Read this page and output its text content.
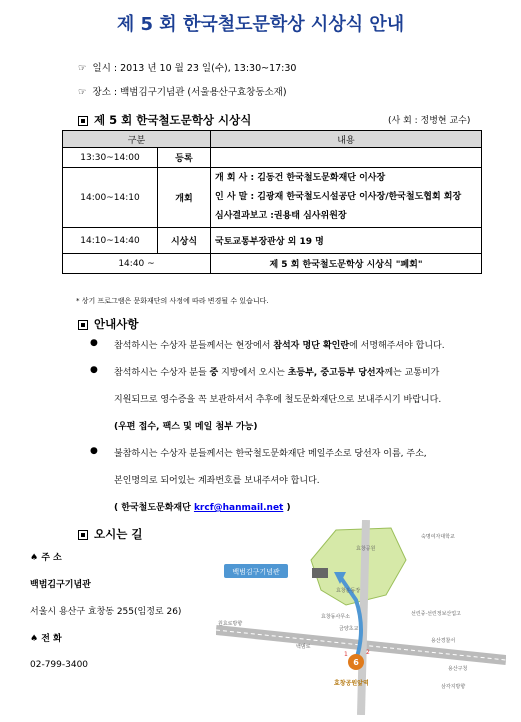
제 5 회 한국철도문학상 시상식 안내
☞ 일시 : 2013 년 10 월 23 일(수), 13:30~17:30
☞ 장소 : 백범김구기념관 (서울용산구효창동소재)
제 5 회 한국철도문학상 시상식	(사 회 : 정병현 교수)
구분		내용
13:30~14:00	등록	
14:00~14:10	개회	개 회 사 : 김동건 한국철도문화재단 이사장
인 사 말 : 김광재 한국철도시설공단 이사장/한국철도협회 회장
심사결과보고 :권용태 심사위원장

14:10~14:40	시상식	국토교통부장관상 외 19 명
14:40 ~		제 5 회 한국철도문학상 시상식 "폐회"
* 상기 프로그램은 문화재단의 사정에 따라 변경될 수 있습니다.
안내사항
● 참석하시는 수상자 분들께서는 현장에서 참석자 명단 확인란에 서명해주셔야 합니다.
● 참석하시는 수상자 분들 중 지방에서 오시는 초등부, 중고등부 당선자께는 교통비가
지원되므로 영수증을 꼭 보관하셔서 추후에 철도문화재단으로 보내주시기 바랍니다.
(우편 접수, 팩스 및 메일 첨부 가능)
● 불참하시는 수상자 분들께서는 한국철도문화재단 메일주소로 당선자 이름, 주소,
본인명의로 되어있는 계좌번호를 보내주셔야 합니다.
( 한국철도문화재단 krcf@hanmail.net )
오시는 길
♠ 주 소
백범김구기념관
서울시 용산구 효창동 255(임정로 26)
♠ 전 화
02-799-3400
백범김구기념관
6
1	2
숙명여자대학교
효창공원
효창운동장
효창동사무소
금양초교
선린중·선린정보산업고
용산경찰서
용산구청
효창공원앞역	삼각지방향
백범로
원효로방향
